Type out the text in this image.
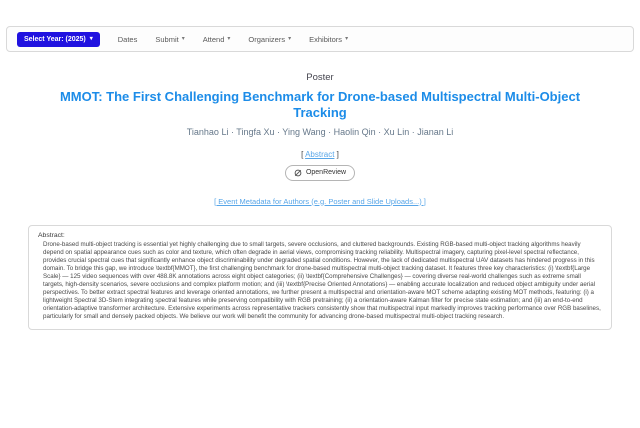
Select Year: (2025) ▾	Dates Submit ▾ Attend ▾ Organizers ▾ Exhibitors ▾
Poster
MMOT: The First Challenging Benchmark for Drone-based Multispectral Multi-Object Tracking
Tianhao Li · Tingfa Xu · Ying Wang · Haolin Qin · Xu Lin · Jianan Li
[ Abstract ]
OpenReview
[ Event Metadata for Authors (e.g. Poster and Slide Uploads...) ]
Abstract:
Drone-based multi-object tracking is essential yet highly challenging due to small targets, severe occlusions, and cluttered backgrounds. Existing RGB-based multi-object tracking algorithms heavily depend on spatial appearance cues such as color and texture, which often degrade in aerial views, compromising tracking reliability. Multispectral imagery, capturing pixel-level spectral reflectance, provides crucial spectral cues that significantly enhance object discriminability under degraded spatial conditions. However, the lack of dedicated multispectral UAV datasets has hindered progress in this domain. To bridge this gap, we introduce \textbf{MMOT}, the first challenging benchmark for drone-based multispectral multi-object tracking dataset. It features three key characteristics: (i) \textbf{Large Scale} — 125 video sequences with over 488.8K annotations across eight object categories; (ii) \textbf{Comprehensive Challenges} — covering diverse real-world challenges such as extreme small targets, high-density scenarios, severe occlusions and complex platform motion; and (iii) \textbf{Precise Oriented Annotations} — enabling accurate localization and reduced object ambiguity under aerial perspectives. To better extract spectral features and leverage oriented annotations, we further present a multispectral and orientation-aware MOT scheme adapting existing MOT methods, featuring: (i) a lightweight Spectral 3D-Stem integrating spectral features while preserving compatibility with RGB pretraining; (ii) a orientation-aware Kalman filter for precise state estimation; and (iii) an end-to-end orientation-adaptive transformer architecture. Extensive experiments across representative trackers consistently show that multispectral input markedly improves tracking performance over RGB baselines, particularly for small and densely packed objects. We believe our work will benefit the community for advancing drone-based multispectral multi-object tracking research.
